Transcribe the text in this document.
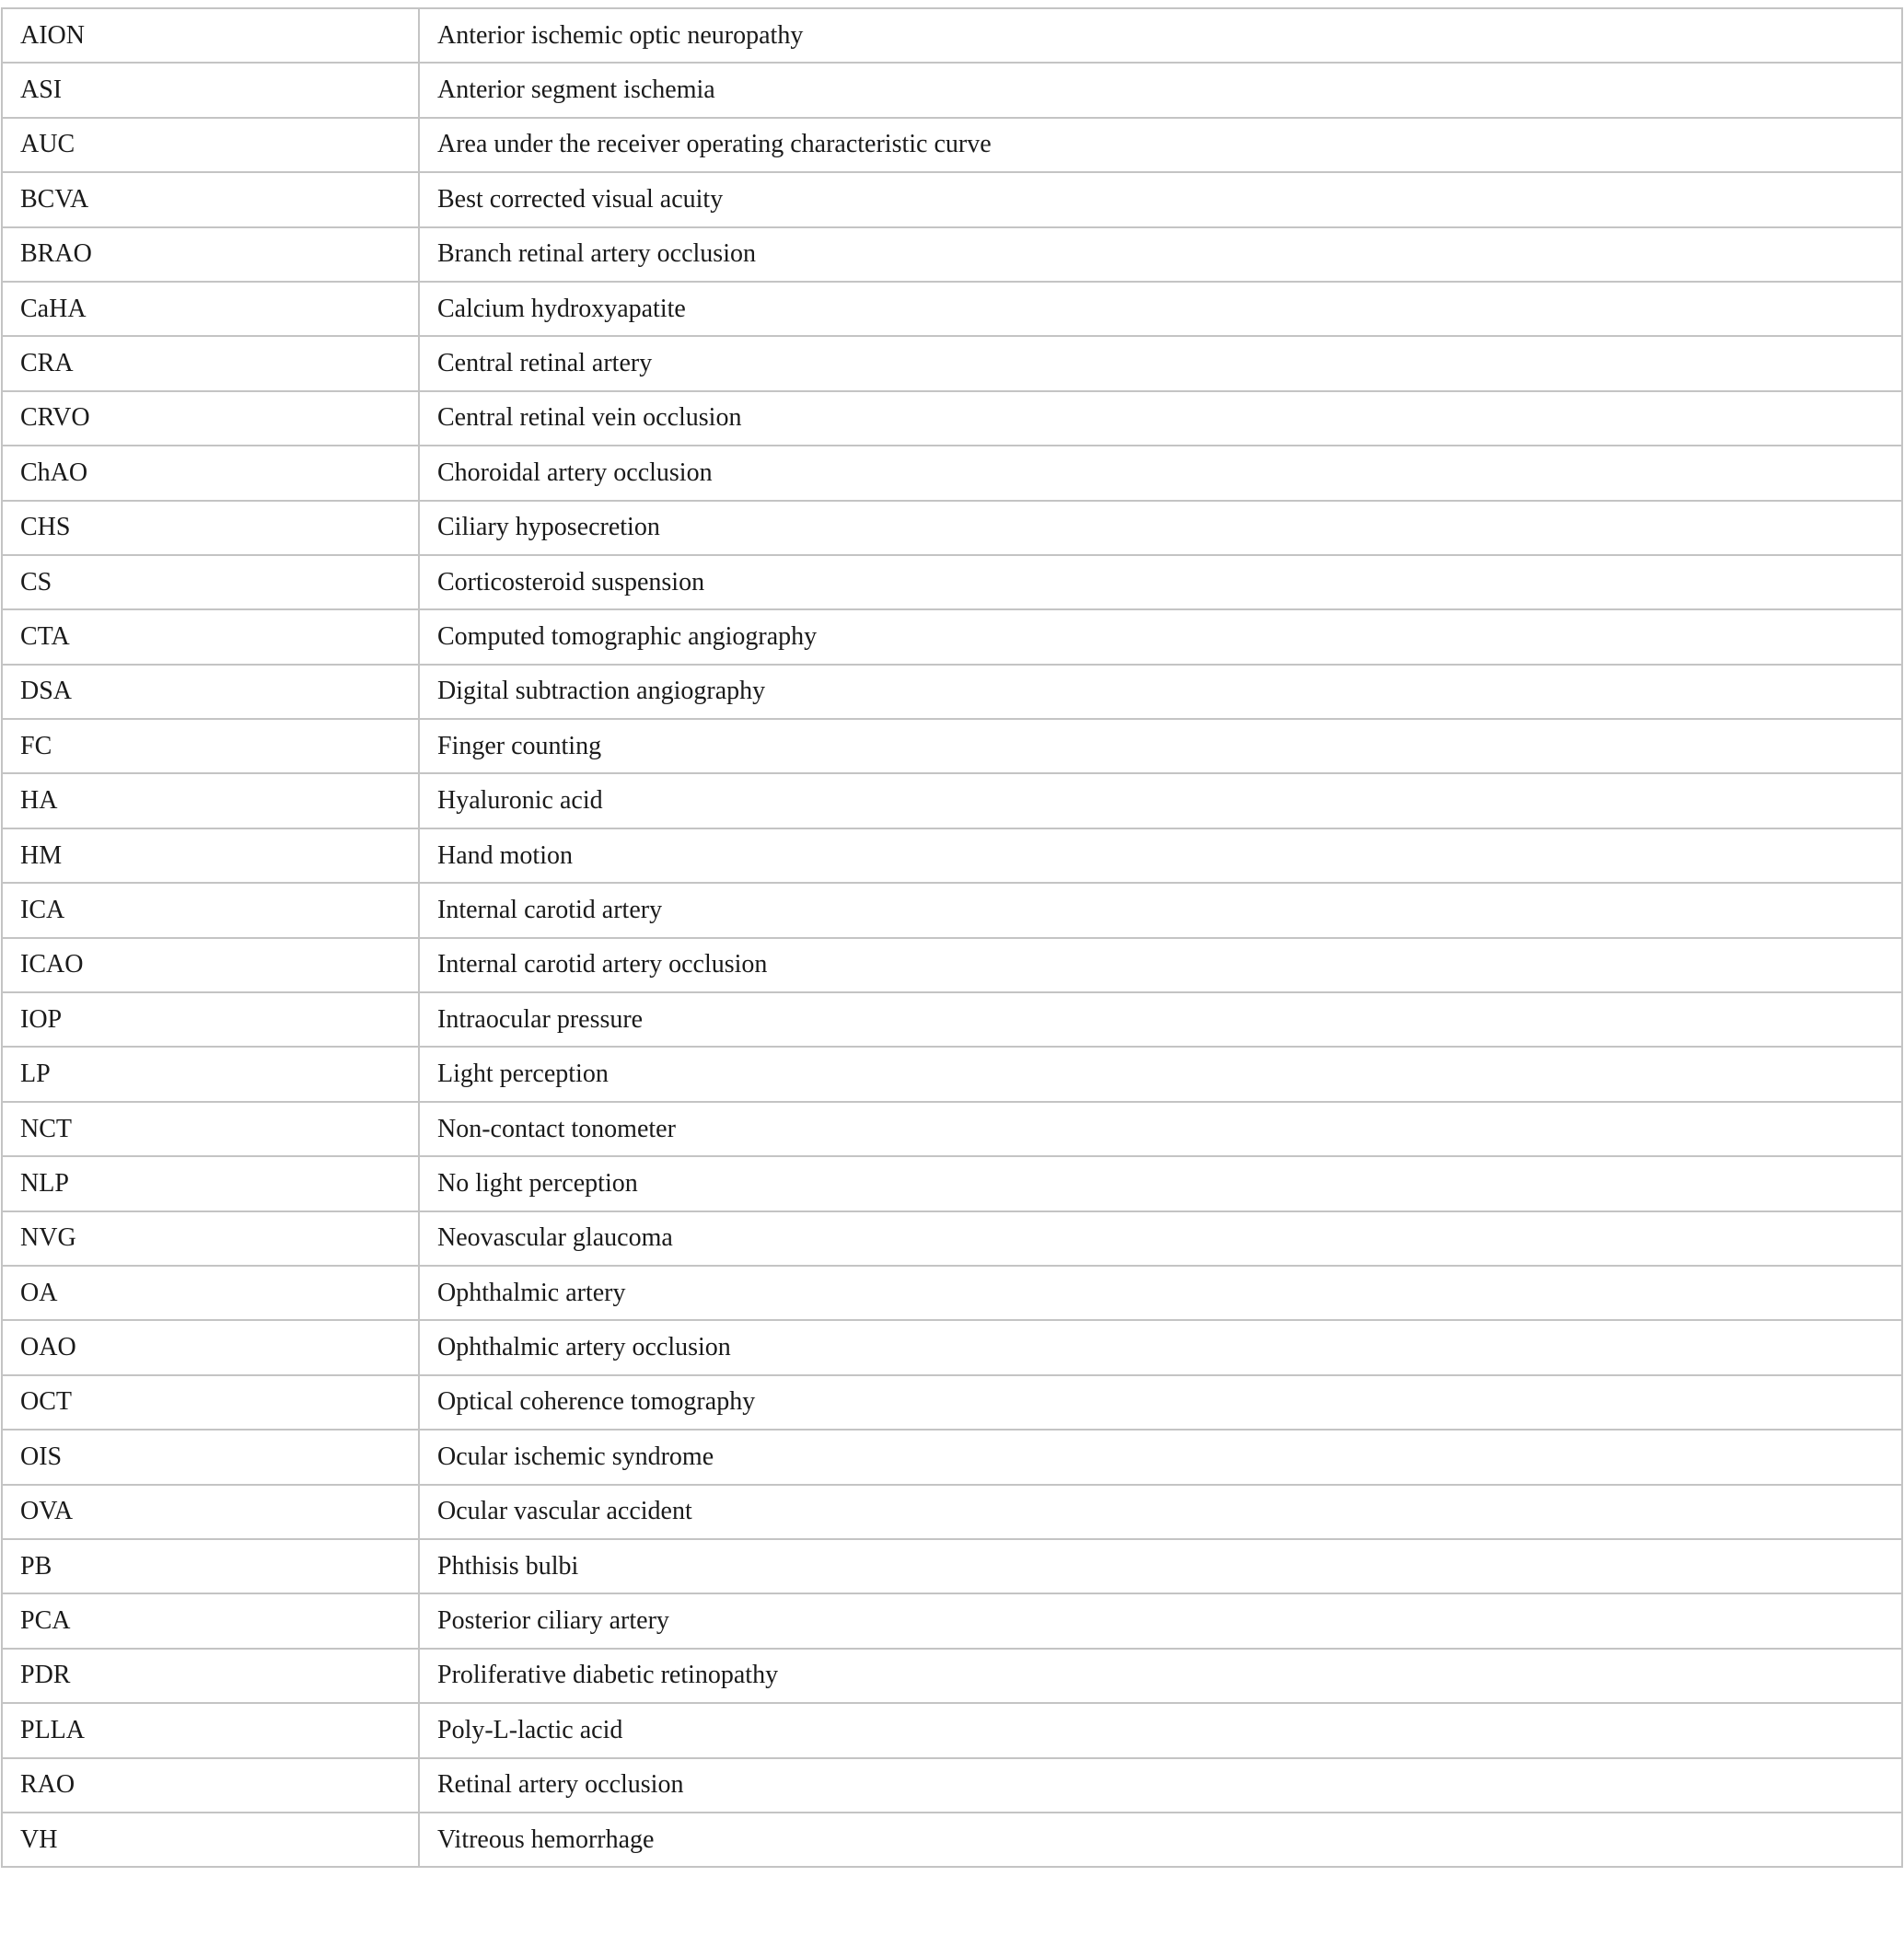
AION	Anterior ischemic optic neuropathy
ASI	Anterior segment ischemia
AUC	Area under the receiver operating characteristic curve
BCVA	Best corrected visual acuity
BRAO	Branch retinal artery occlusion
CaHA	Calcium hydroxyapatite
CRA	Central retinal artery
CRVO	Central retinal vein occlusion
ChAO	Choroidal artery occlusion
CHS	Ciliary hyposecretion
CS	Corticosteroid suspension
CTA	Computed tomographic angiography
DSA	Digital subtraction angiography
FC	Finger counting
HA	Hyaluronic acid
HM	Hand motion
ICA	Internal carotid artery
ICAO	Internal carotid artery occlusion
IOP	Intraocular pressure
LP	Light perception
NCT	Non-contact tonometer
NLP	No light perception
NVG	Neovascular glaucoma
OA	Ophthalmic artery
OAO	Ophthalmic artery occlusion
OCT	Optical coherence tomography
OIS	Ocular ischemic syndrome
OVA	Ocular vascular accident
PB	Phthisis bulbi
PCA	Posterior ciliary artery
PDR	Proliferative diabetic retinopathy
PLLA	Poly-L-lactic acid
RAO	Retinal artery occlusion
VH	Vitreous hemorrhage
